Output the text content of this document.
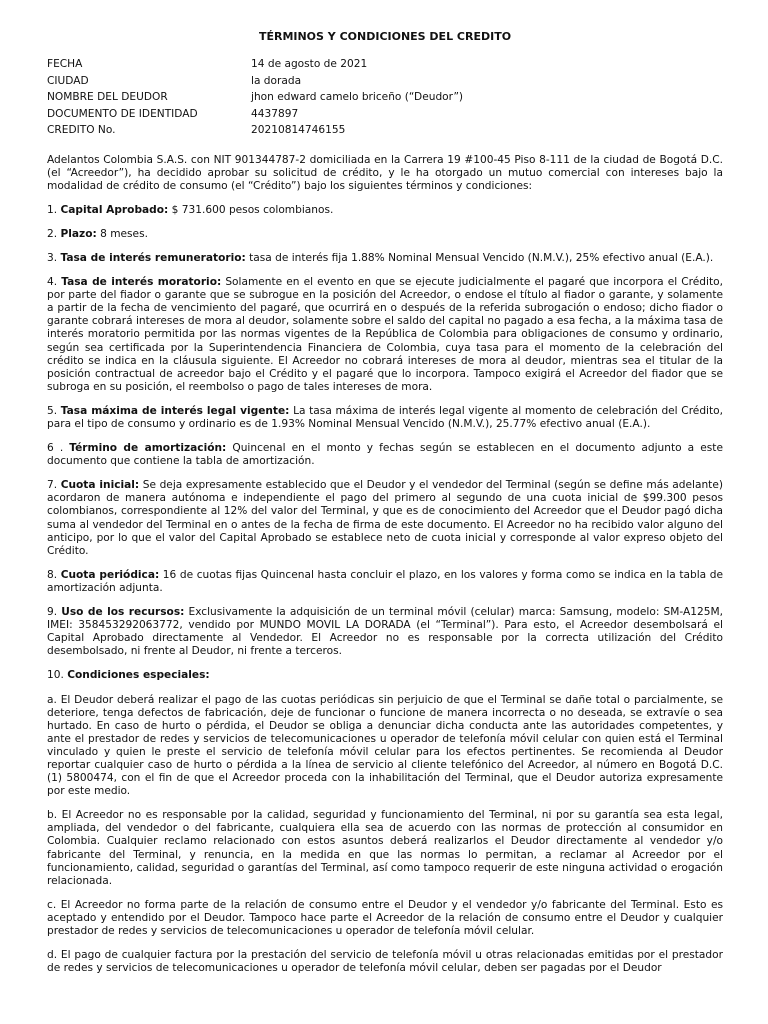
TÉRMINOS Y CONDICIONES DEL CREDITO
FECHA	14 de agosto de 2021
CIUDAD	la dorada
NOMBRE DEL DEUDOR	jhon edward camelo briceño (“Deudor”)
DOCUMENTO DE IDENTIDAD	4437897
CREDITO No.	20210814746155

Adelantos Colombia S.A.S. con NIT 901344787-2 domiciliada en la Carrera 19 #100-45 Piso 8-111 de la ciudad de Bogotá D.C. (el “Acreedor”), ha decidido aprobar su solicitud de crédito, y le ha otorgado un mutuo comercial con intereses bajo la modalidad de crédito de consumo (el “Crédito”) bajo los siguientes términos y condiciones:

1. Capital Aprobado: $ 731.600 pesos colombianos.

2. Plazo: 8 meses.

3. Tasa de interés remuneratorio: tasa de interés fija 1.88% Nominal Mensual Vencido (N.M.V.), 25% efectivo anual (E.A.).

4. Tasa de interés moratorio: Solamente en el evento en que se ejecute judicialmente el pagaré que incorpora el Crédito, por parte del fiador o garante que se subrogue en la posición del Acreedor, o endose el título al fiador o garante, y solamente a partir de la fecha de vencimiento del pagaré, que ocurrirá en o después de la referida subrogación o endoso; dicho fiador o garante cobrará intereses de mora al deudor, solamente sobre el saldo del capital no pagado a esa fecha, a la máxima tasa de interés moratorio permitida por las normas vigentes de la República de Colombia para obligaciones de consumo y ordinario, según sea certificada por la Superintendencia Financiera de Colombia, cuya tasa para el momento de la celebración del crédito se indica en la cláusula siguiente. El Acreedor no cobrará intereses de mora al deudor, mientras sea el titular de la posición contractual de acreedor bajo el Crédito y el pagaré que lo incorpora. Tampoco exigirá el Acreedor del fiador que se subroga en su posición, el reembolso o pago de tales intereses de mora.

5. Tasa máxima de interés legal vigente: La tasa máxima de interés legal vigente al momento de celebración del Crédito, para el tipo de consumo y ordinario es de 1.93% Nominal Mensual Vencido (N.M.V.), 25.77% efectivo anual (E.A.).

6 . Término de amortización: Quincenal en el monto y fechas según se establecen en el documento adjunto a este documento que contiene la tabla de amortización.

7. Cuota inicial: Se deja expresamente establecido que el Deudor y el vendedor del Terminal (según se define más adelante) acordaron de manera autónoma e independiente el pago del primero al segundo de una cuota inicial de $99.300 pesos colombianos, correspondiente al 12% del valor del Terminal, y que es de conocimiento del Acreedor que el Deudor pagó dicha suma al vendedor del Terminal en o antes de la fecha de firma de este documento. El Acreedor no ha recibido valor alguno del anticipo, por lo que el valor del Capital Aprobado se establece neto de cuota inicial y corresponde al valor expreso objeto del Crédito.

8. Cuota periódica: 16 de cuotas fijas Quincenal hasta concluir el plazo, en los valores y forma como se indica en la tabla de amortización adjunta.

9. Uso de los recursos: Exclusivamente la adquisición de un terminal móvil (celular) marca: Samsung, modelo: SM-A125M, IMEI: 358453292063772, vendido por MUNDO MOVIL LA DORADA (el “Terminal”). Para esto, el Acreedor desembolsará el Capital Aprobado directamente al Vendedor. El Acreedor no es responsable por la correcta utilización del Crédito desembolsado, ni frente al Deudor, ni frente a terceros.

10. Condiciones especiales:

a. El Deudor deberá realizar el pago de las cuotas periódicas sin perjuicio de que el Terminal se dañe total o parcialmente, se deteriore, tenga defectos de fabricación, deje de funcionar o funcione de manera incorrecta o no deseada, se extravíe o sea hurtado. En caso de hurto o pérdida, el Deudor se obliga a denunciar dicha conducta ante las autoridades competentes, y ante el prestador de redes y servicios de telecomunicaciones u operador de telefonía móvil celular con quien está el Terminal vinculado y quien le preste el servicio de telefonía móvil celular para los efectos pertinentes. Se recomienda al Deudor reportar cualquier caso de hurto o pérdida a la línea de servicio al cliente telefónico del Acreedor, al número en Bogotá D.C. (1) 5800474, con el fin de que el Acreedor proceda con la inhabilitación del Terminal, que el Deudor autoriza expresamente por este medio.

b. El Acreedor no es responsable por la calidad, seguridad y funcionamiento del Terminal, ni por su garantía sea esta legal, ampliada, del vendedor o del fabricante, cualquiera ella sea de acuerdo con las normas de protección al consumidor en Colombia. Cualquier reclamo relacionado con estos asuntos deberá realizarlos el Deudor directamente al vendedor y/o fabricante del Terminal, y renuncia, en la medida en que las normas lo permitan, a reclamar al Acreedor por el funcionamiento, calidad, seguridad o garantías del Terminal, así como tampoco requerir de este ninguna actividad o erogación relacionada.

c. El Acreedor no forma parte de la relación de consumo entre el Deudor y el vendedor y/o fabricante del Terminal. Esto es aceptado y entendido por el Deudor. Tampoco hace parte el Acreedor de la relación de consumo entre el Deudor y cualquier prestador de redes y servicios de telecomunicaciones u operador de telefonía móvil celular.

d. El pago de cualquier factura por la prestación del servicio de telefonía móvil u otras relacionadas emitidas por el prestador de redes y servicios de telecomunicaciones u operador de telefonía móvil celular, deben ser pagadas por el Deudor
